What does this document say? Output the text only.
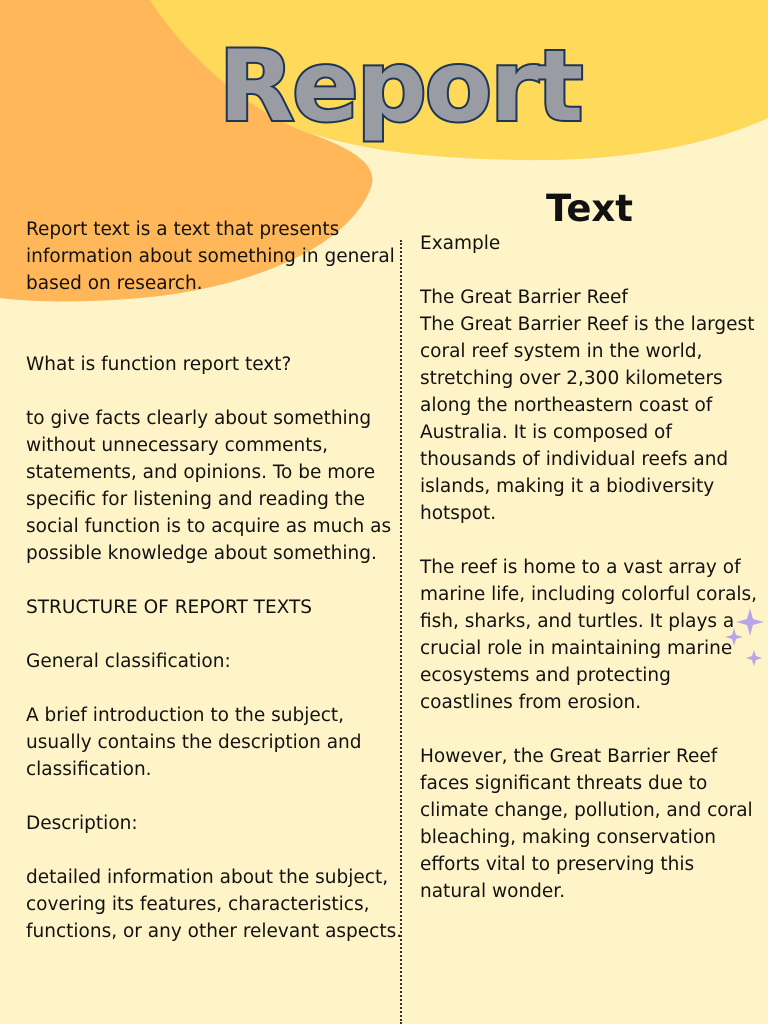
Report
Text

Report text is a text that presents information about something in general based on research.

What is function report text?

to give facts clearly about something without unnecessary comments, statements, and opinions. To be more specific for listening and reading the social function is to acquire as much as possible knowledge about something.

STRUCTURE OF REPORT TEXTS

General classification:

A brief introduction to the subject, usually contains the description and classification.

Description:

detailed information about the subject, covering its features, characteristics, functions, or any other relevant aspects.

Example

The Great Barrier Reef

The Great Barrier Reef is the largest coral reef system in the world, stretching over 2,300 kilometers along the northeastern coast of Australia. It is composed of thousands of individual reefs and islands, making it a biodiversity hotspot.

The reef is home to a vast array of marine life, including colorful corals, fish, sharks, and turtles. It plays a crucial role in maintaining marine ecosystems and protecting coastlines from erosion.

However, the Great Barrier Reef faces significant threats due to climate change, pollution, and coral bleaching, making conservation efforts vital to preserving this natural wonder.
